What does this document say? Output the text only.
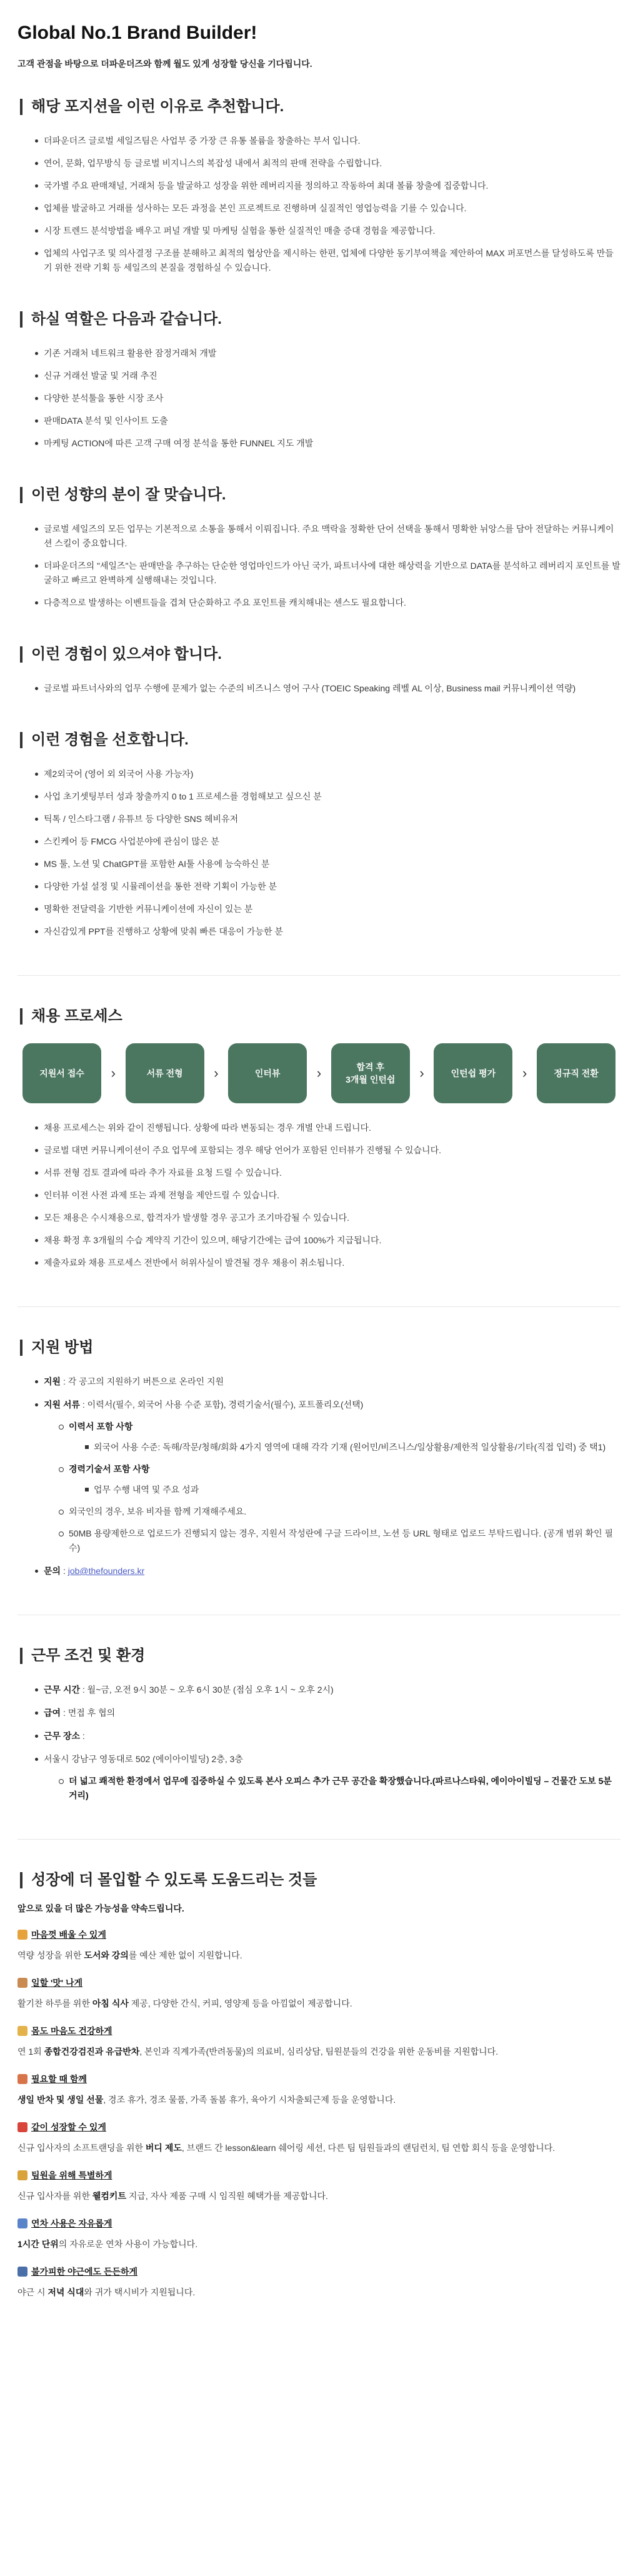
Global No.1 Brand Builder!

고객 관점을 바탕으로 더파운더즈와 함께 월도 있게 성장할 당신을 기다립니다.

해당 포지션을 이런 이유로 추천합니다.
더파운더즈 글로벌 세일즈팀은 사업부 중 가장 큰 유통 볼륨을 창출하는 부서 입니다.
연어, 문화, 업무방식 등 글로벌 비지니스의 복잡성 내에서 최적의 판매 전략을 수립합니다.
국가별 주요 판매채널, 거래처 등을 발굴하고 성장을 위한 레버리지를 정의하고 작동하여 최대 볼륨 창출에 집중합니다.
업체를 발굴하고 거래를 성사하는 모든 과정을 본인 프로젝트로 진행하며 실질적인 영업능력을 기를 수 있습니다.
시장 트렌드 분석방법을 배우고 퍼널 개발 및 마케팅 실험을 통한 실질적인 매출 증대 경험을 제공합니다.
업체의 사업구조 및 의사결정 구조를 분해하고 최적의 협상안을 제시하는 한편, 업체에 다양한 동기부여책을 제안하여 MAX 퍼포먼스를 달성하도록 만들기 위한 전략 기획 등 세일즈의 본질을 경험하실 수 있습니다.
하실 역할은 다음과 같습니다.
기존 거래처 네트워크 활용한 잠정거래처 개발
신규 거래선 발굴 및 거래 추진
다양한 분석툴을 통한 시장 조사
판매DATA 분석 및 인사이트 도출
마케팅 ACTION에 따른 고객 구매 여정 분석을 통한 FUNNEL 지도 개발
이런 성향의 분이 잘 맞습니다.
글로벌 세일즈의 모든 업무는 기본적으로 소통을 통해서 이뤄집니다. 주요 맥락을 정확한 단어 선택을 통해서 명확한 뉘앙스를 담아 전달하는 커뮤니케이션 스킬이 중요합니다.
더파운더즈의 "세일즈"는 판매만을 추구하는 단순한 영업마인드가 아닌 국가, 파트너사에 대한 해상력을 기반으로 DATA를 분석하고 레버리지 포인트를 발굴하고 빠르고 완벽하게 실행해내는 것입니다.
다층적으로 발생하는 이벤트들을 겹쳐 단순화하고 주요 포인트를 캐치해내는 센스도 필요합니다.
이런 경험이 있으셔야 합니다.
글로벌 파트너사와의 업무 수행에 문제가 없는 수준의 비즈니스 영어 구사 (TOEIC Speaking 레벨 AL 이상, Business mail 커뮤니케이션 역량)
이런 경험을 선호합니다.
제2외국어 (영어 외 외국어 사용 가능자)
사업 초기셋팅부터 성과 창출까지 0 to 1 프로세스를 경험해보고 싶으신 분
틱톡 / 인스타그램 / 유튜브 등 다양한 SNS 헤비유저
스킨케어 등 FMCG 사업분야에 관심이 많은 분
MS 툴, 노션 및 ChatGPT를 포함한 AI툴 사용에 능숙하신 분
다양한 가설 설정 및 시뮬레이션을 통한 전략 기획이 가능한 분
명확한 전달력을 기반한 커뮤니케이션에 자신이 있는 분
자신감있게 PPT를 진행하고 상황에 맞춰 빠른 대응이 가능한 분
채용 프로세스
지원서 접수	›	서류 전형	›	인터뷰	›	합격 후
3개월 인턴쉽	›	인턴쉽 평가	›	정규직 전환
채용 프로세스는 위와 같이 진행됩니다. 상황에 따라 변동되는 경우 개별 안내 드립니다.
글로벌 대면 커뮤니케이션이 주요 업무에 포함되는 경우 해당 언어가 포함된 인터뷰가 진행될 수 있습니다.
서류 전형 검토 결과에 따라 추가 자료를 요청 드릴 수 있습니다.
인터뷰 이전 사전 과제 또는 과제 전형을 제안드릴 수 있습니다.
모든 채용은 수시채용으로, 합격자가 발생할 경우 공고가 조기마감될 수 있습니다.
채용 확정 후 3개월의 수습 계약직 기간이 있으며, 해당기간에는 급여 100%가 지급됩니다.
제출자료와 채용 프로세스 전반에서 허위사실이 발견될 경우 채용이 취소됩니다.
지원 방법
지원 : 각 공고의 지원하기 버튼으로 온라인 지원
지원 서류 : 이력서(필수, 외국어 사용 수준 포함), 경력기술서(필수), 포트폴리오(선택)
이력서 포함 사항
외국어 사용 수준: 독해/작문/청해/회화 4가지 영역에 대해 각각 기재 (원어민/비즈니스/일상활용/제한적 일상활용/기타(직접 입력) 중 택1)
경력기술서 포함 사항
업무 수행 내역 및 주요 성과
외국인의 경우, 보유 비자를 함께 기재해주세요.
50MB 용량제한으로 업로드가 진행되지 않는 경우, 지원서 작성란에 구글 드라이브, 노션 등 URL 형태로 업로드 부탁드립니다. (공개 범위 확인 필수)
문의 : job@thefounders.kr
근무 조건 및 환경
근무 시간 : 월~금, 오전 9시 30분 ~ 오후 6시 30분 (점심 오후 1시 ~ 오후 2시)
급여 : 면접 후 협의
근무 장소 :
서울시 강남구 영동대로 502 (에이아이빌딩) 2층, 3층
더 넓고 쾌적한 환경에서 업무에 집중하실 수 있도록 본사 오피스 추가 근무 공간을 확장했습니다.(파르나스타워, 에이아이빌딩 – 건물간 도보 5분 거리)
성장에 더 몰입할 수 있도록 도움드리는 것들

앞으로 있을 더 많은 가능성을 약속드립니다.

마음껏 배울 수 있게

역량 성장을 위한 도서와 강의를 예산 제한 없이 지원합니다.

일할 '맛' 나게

활기찬 하루를 위한 아침 식사 제공, 다양한 간식, 커피, 영양제 등을 아낌없이 제공합니다.

몸도 마음도 건강하게

연 1회 종합건강검진과 유급반차, 본인과 직계가족(반려동물)의 의료비, 심리상담, 팀원분들의 건강을 위한 운동비를 지원합니다.

필요할 때 함께

생일 반차 및 생일 선물, 경조 휴가, 경조 물품, 가족 돌봄 휴가, 육아기 시차출퇴근제 등을 운영합니다.

같이 성장할 수 있게

신규 입사자의 소프트랜딩을 위한 버디 제도, 브랜드 간 lesson&learn 쉐어링 세션, 다른 팀 팀원들과의 랜덤런치, 팀 연합 회식 등을 운영합니다.

팀원을 위해 특별하게

신규 입사자를 위한 웰컴키트 지급, 자사 제품 구매 시 임직원 혜택가를 제공합니다.

연차 사용은 자유롭게

1시간 단위의 자유로운 연차 사용이 가능합니다.

불가피한 야근에도 든든하게

야근 시 저녁 식대와 귀가 택시비가 지원됩니다.
